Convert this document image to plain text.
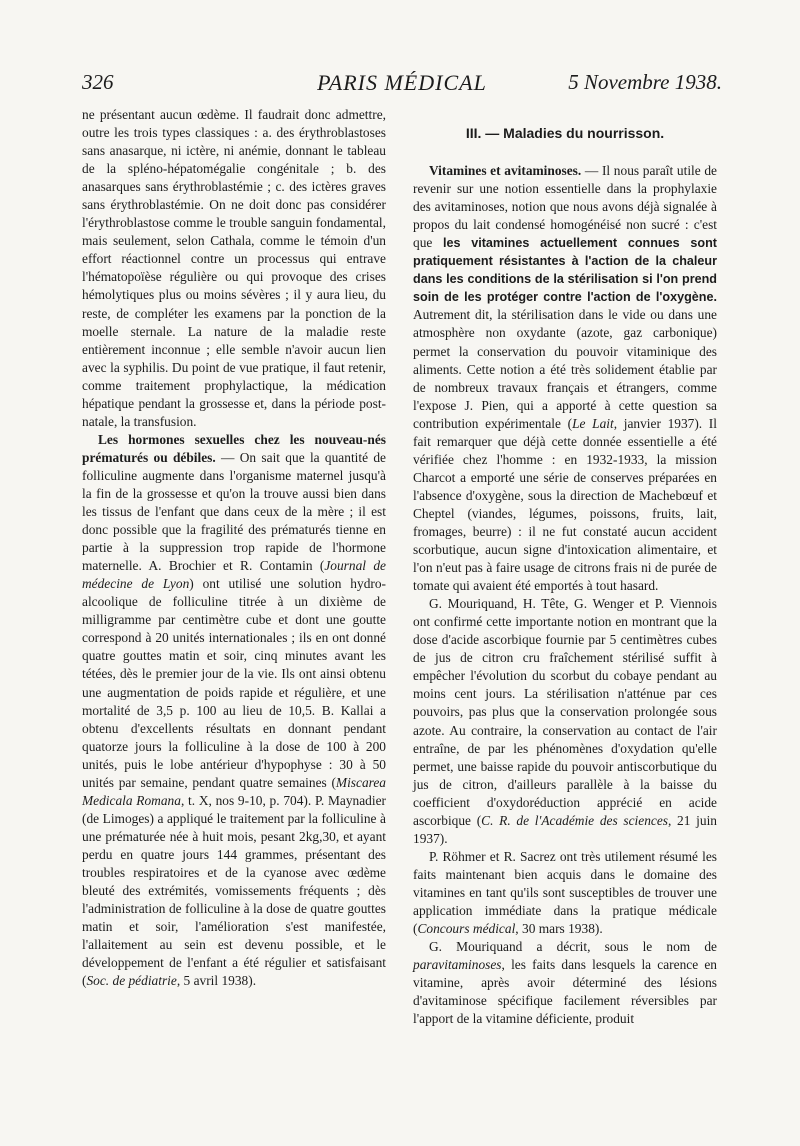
326	PARIS MÉDICAL	5 Novembre 1938.

ne présentant aucun œdème. Il faudrait donc admettre, outre les trois types classiques : a. des érythroblastoses sans anasarque, ni ictère, ni anémie, donnant le tableau de la spléno-hépatomégalie congénitale ; b. des anasarques sans érythroblastémie ; c. des ictères graves sans érythroblastémie. On ne doit donc pas considérer l'érythroblastose comme le trouble sanguin fondamental, mais seulement, selon Cathala, comme le témoin d'un effort réactionnel contre un processus qui entrave l'hématopoïèse régulière ou qui provoque des crises hémolytiques plus ou moins sévères ; il y aura lieu, du reste, de compléter les examens par la ponction de la moelle sternale. La nature de la maladie reste entièrement inconnue ; elle semble n'avoir aucun lien avec la syphilis. Du point de vue pratique, il faut retenir, comme traitement prophylactique, la médication hépatique pendant la grossesse et, dans la période post-natale, la transfusion.

Les hormones sexuelles chez les nouveau-nés prématurés ou débiles. — On sait que la quantité de folliculine augmente dans l'organisme maternel jusqu'à la fin de la grossesse et qu'on la trouve aussi bien dans les tissus de l'enfant que dans ceux de la mère ; il est donc possible que la fragilité des prématurés tienne en partie à la suppression trop rapide de l'hormone maternelle. A. Brochier et R. Contamin (Journal de médecine de Lyon) ont utilisé une solution hydro-alcoolique de folliculine titrée à un dixième de milligramme par centimètre cube et dont une goutte correspond à 20 unités internationales ; ils en ont donné quatre gouttes matin et soir, cinq minutes avant les tétées, dès le premier jour de la vie. Ils ont ainsi obtenu une augmentation de poids rapide et régulière, et une mortalité de 3,5 p. 100 au lieu de 10,5. B. Kallai a obtenu d'excellents résultats en donnant pendant quatorze jours la folliculine à la dose de 100 à 200 unités, puis le lobe antérieur d'hypophyse : 30 à 50 unités par semaine, pendant quatre semaines (Miscarea Medicala Romana, t. X, nos 9-10, p. 704). P. Maynadier (de Limoges) a appliqué le traitement par la folliculine à une prématurée née à huit mois, pesant 2kg,30, et ayant perdu en quatre jours 144 grammes, présentant des troubles respiratoires et de la cyanose avec œdème bleuté des extrémités, vomissements fréquents ; dès l'administration de folliculine à la dose de quatre gouttes matin et soir, l'amélioration s'est manifestée, l'allaitement au sein est devenu possible, et le développement de l'enfant a été régulier et satisfaisant (Soc. de pédiatrie, 5 avril 1938).

III. — Maladies du nourrisson.

Vitamines et avitaminoses. — Il nous paraît utile de revenir sur une notion essentielle dans la prophylaxie des avitaminoses, notion que nous avons déjà signalée à propos du lait condensé homogénéisé non sucré : c'est que les vitamines actuellement connues sont pratiquement résistantes à l'action de la chaleur dans les conditions de la stérilisation si l'on prend soin de les protéger contre l'action de l'oxygène. Autrement dit, la stérilisation dans le vide ou dans une atmosphère non oxydante (azote, gaz carbonique) permet la conservation du pouvoir vitaminique des aliments. Cette notion a été très solidement établie par de nombreux travaux français et étrangers, comme l'expose J. Pien, qui a apporté à cette question sa contribution expérimentale (Le Lait, janvier 1937). Il fait remarquer que déjà cette donnée essentielle a été vérifiée chez l'homme : en 1932-1933, la mission Charcot a emporté une série de conserves préparées en l'absence d'oxygène, sous la direction de Machebœuf et Cheptel (viandes, légumes, poissons, fruits, lait, fromages, beurre) : il ne fut constaté aucun accident scorbutique, aucun signe d'intoxication alimentaire, et l'on n'eut pas à faire usage de citrons frais ni de purée de tomate qui avaient été emportés à tout hasard.

G. Mouriquand, H. Tête, G. Wenger et P. Viennois ont confirmé cette importante notion en montrant que la dose d'acide ascorbique fournie par 5 centimètres cubes de jus de citron cru fraîchement stérilisé suffit à empêcher l'évolution du scorbut du cobaye pendant au moins cent jours. La stérilisation n'atténue par ces pouvoirs, pas plus que la conservation prolongée sous azote. Au contraire, la conservation au contact de l'air entraîne, de par les phénomènes d'oxydation qu'elle permet, une baisse rapide du pouvoir antiscorbutique du jus de citron, d'ailleurs parallèle à la baisse du coefficient d'oxydoréduction apprécié en acide ascorbique (C. R. de l'Académie des sciences, 21 juin 1937).

P. Röhmer et R. Sacrez ont très utilement résumé les faits maintenant bien acquis dans le domaine des vitamines en tant qu'ils sont susceptibles de trouver une application immédiate dans la pratique médicale (Concours médical, 30 mars 1938).

G. Mouriquand a décrit, sous le nom de paravitaminoses, les faits dans lesquels la carence en vitamine, après avoir déterminé des lésions d'avitaminose spécifique facilement réversibles par l'apport de la vitamine déficiente, produit
